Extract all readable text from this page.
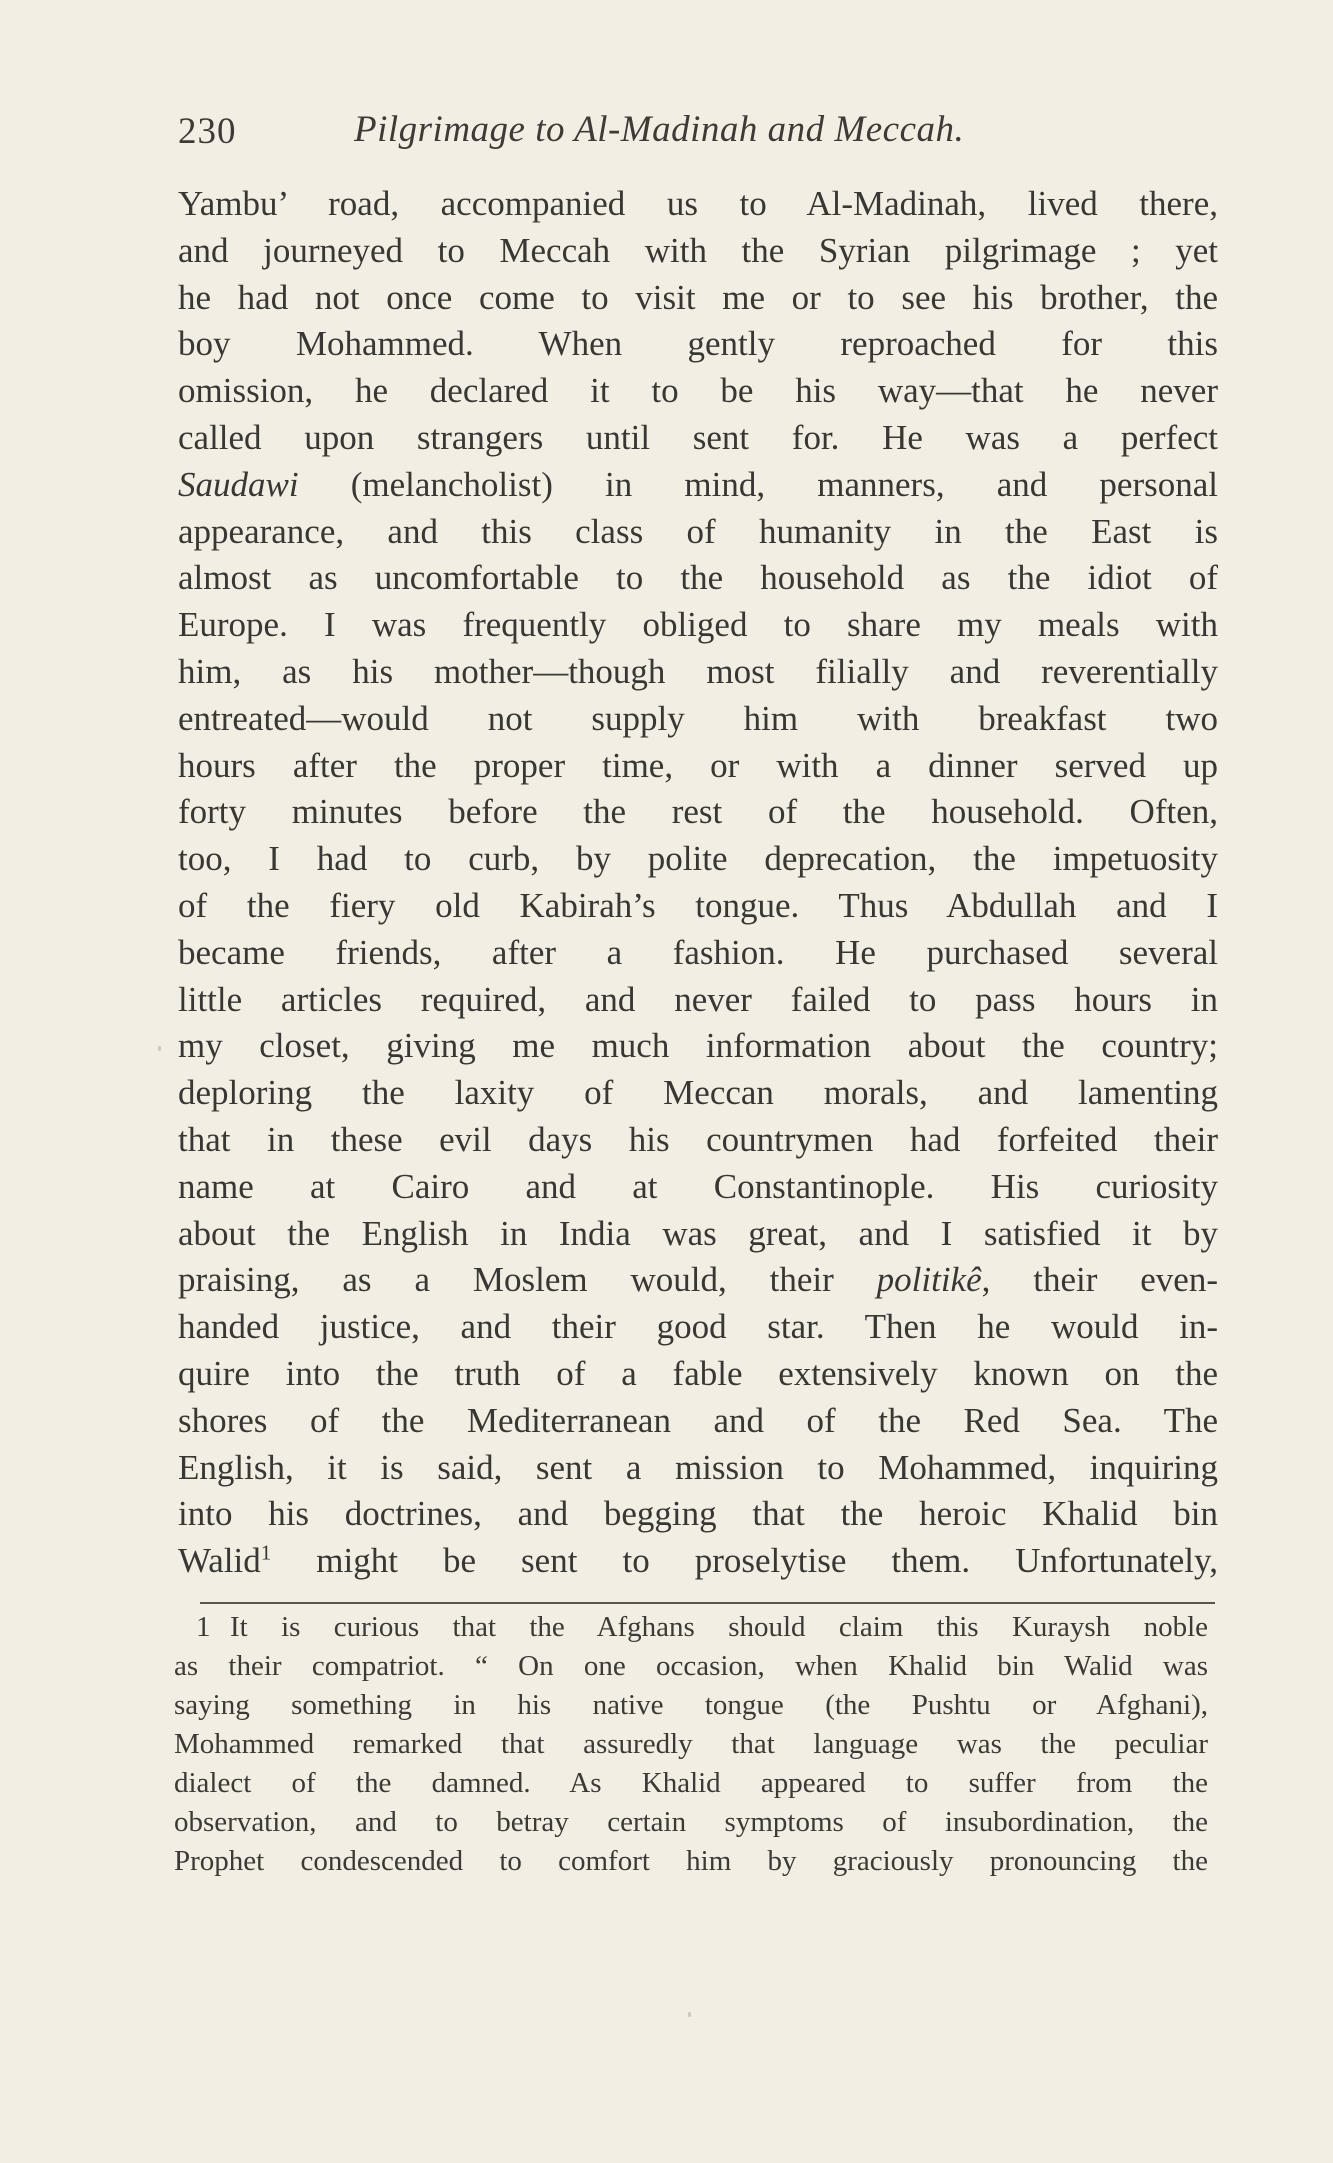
230	Pilgrimage to Al-Madinah and Meccah.
Yambu’ road, accompanied us to Al-Madinah, lived there,
and journeyed to Meccah with the Syrian pilgrimage ; yet
he had not once come to visit me or to see his brother, the
boy Mohammed. When gently reproached for this
omission, he declared it to be his way—that he never
called upon strangers until sent for. He was a perfect
Saudawi (melancholist) in mind, manners, and personal
appearance, and this class of humanity in the East is
almost as uncomfortable to the household as the idiot of
Europe. I was frequently obliged to share my meals with
him, as his mother—though most filially and reverentially
entreated—would not supply him with breakfast two
hours after the proper time, or with a dinner served up
forty minutes before the rest of the household. Often,
too, I had to curb, by polite deprecation, the impetuosity
of the fiery old Kabirah’s tongue. Thus Abdullah and I
became friends, after a fashion. He purchased several
little articles required, and never failed to pass hours in
my closet, giving me much information about the country;
deploring the laxity of Meccan morals, and lamenting
that in these evil days his countrymen had forfeited their
name at Cairo and at Constantinople. His curiosity
about the English in India was great, and I satisfied it by
praising, as a Moslem would, their politikê, their even-
handed justice, and their good star. Then he would in-
quire into the truth of a fable extensively known on the
shores of the Mediterranean and of the Red Sea. The
English, it is said, sent a mission to Mohammed, inquiring
into his doctrines, and begging that the heroic Khalid bin
Walid$^1$ might be sent to proselytise them. Unfortunately,
1 It is curious that the Afghans should claim this Kuraysh noble
as their compatriot. “ On one occasion, when Khalid bin Walid was
saying something in his native tongue (the Pushtu or Afghani),
Mohammed remarked that assuredly that language was the peculiar
dialect of the damned. As Khalid appeared to suffer from the
observation, and to betray certain symptoms of insubordination, the
Prophet condescended to comfort him by graciously pronouncing the
